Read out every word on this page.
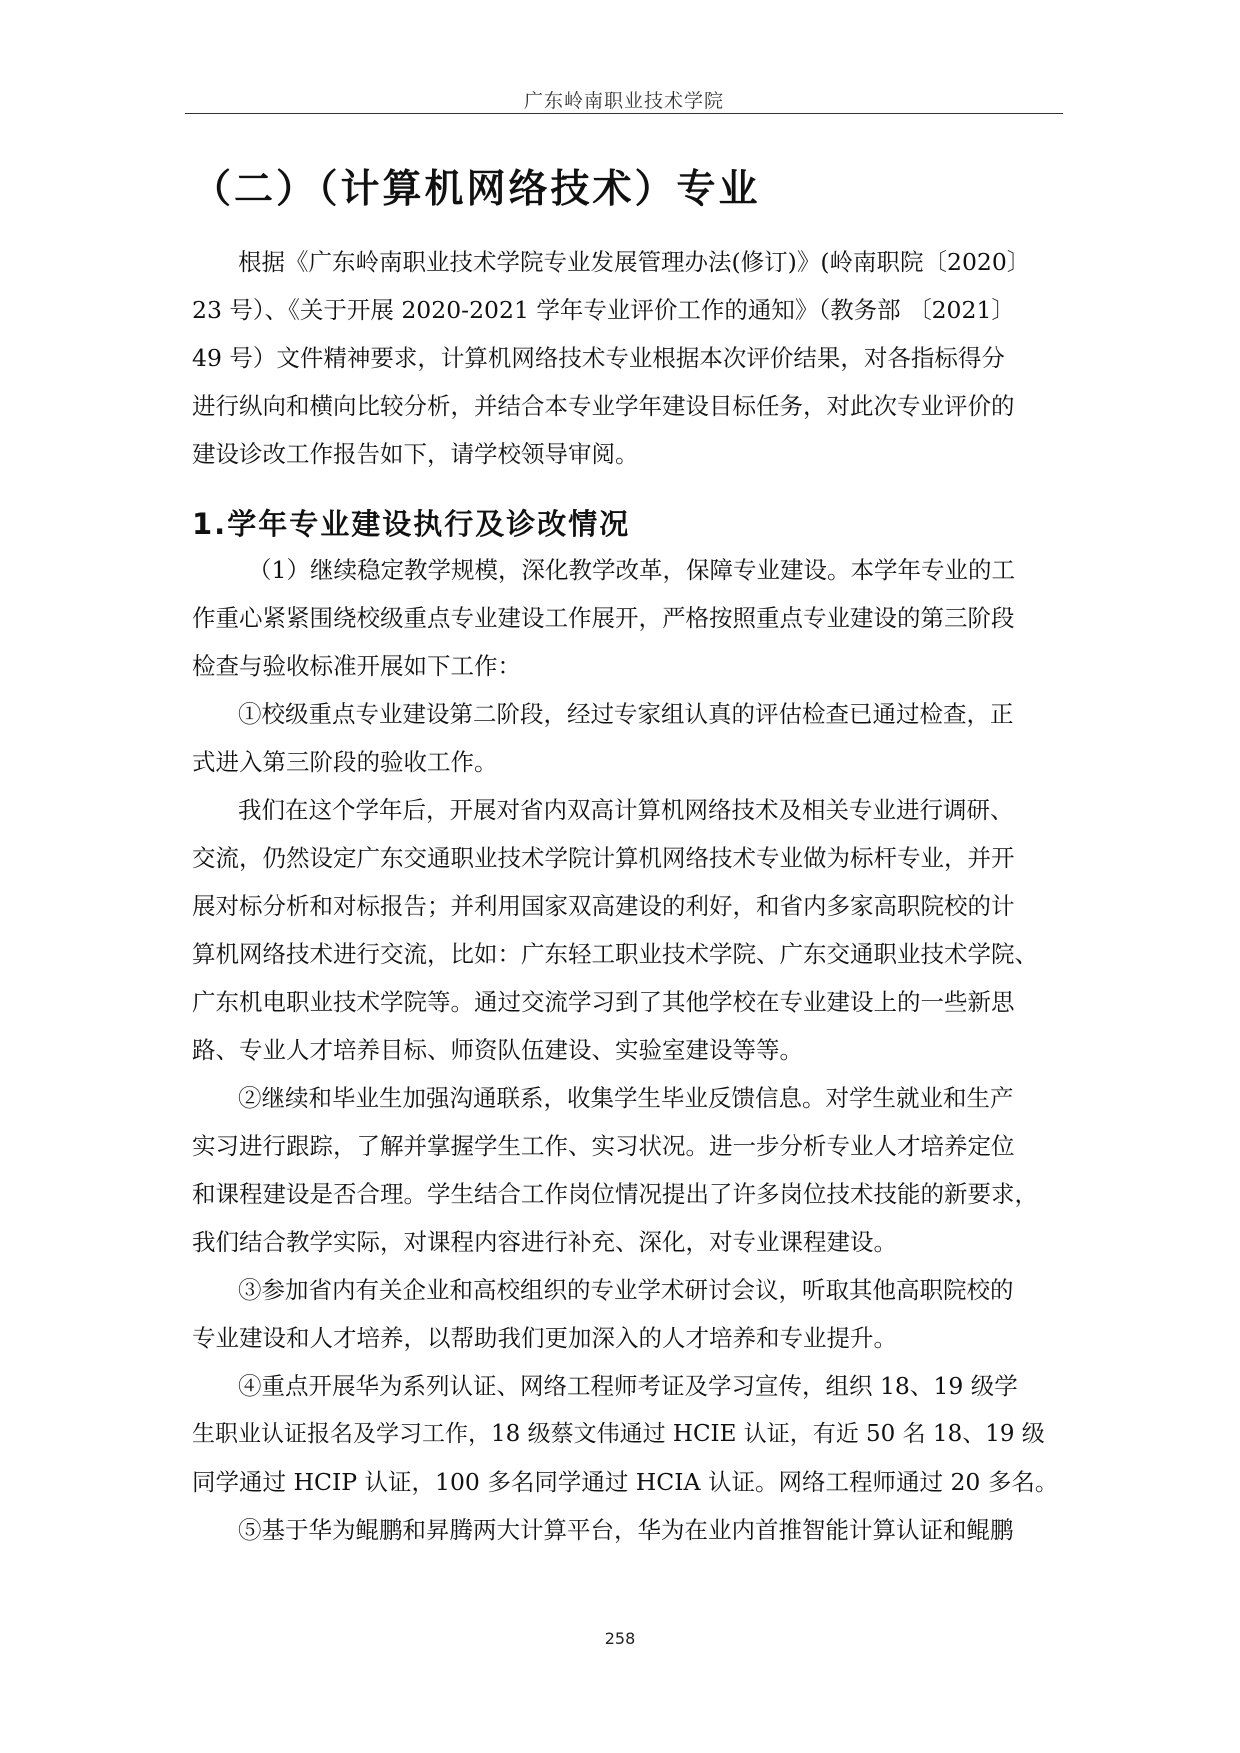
广东岭南职业技术学院
（二）（计算机网络技术）专业
根据《广东岭南职业技术学院专业发展管理办法(修订)》(岭南职院〔2020〕
23 号）、《关于开展 2020-2021 学年专业评价工作的通知》（教务部 〔2021〕
49 号）文件精神要求，计算机网络技术专业根据本次评价结果，对各指标得分
进行纵向和横向比较分析，并结合本专业学年建设目标任务，对此次专业评价的
建设诊改工作报告如下，请学校领导审阅。
1.学年专业建设执行及诊改情况
（1）继续稳定教学规模，深化教学改革，保障专业建设。本学年专业的工
作重心紧紧围绕校级重点专业建设工作展开，严格按照重点专业建设的第三阶段
检查与验收标准开展如下工作：
①校级重点专业建设第二阶段，经过专家组认真的评估检查已通过检查，正
式进入第三阶段的验收工作。
我们在这个学年后，开展对省内双高计算机网络技术及相关专业进行调研、
交流，仍然设定广东交通职业技术学院计算机网络技术专业做为标杆专业，并开
展对标分析和对标报告；并利用国家双高建设的利好，和省内多家高职院校的计
算机网络技术进行交流，比如：广东轻工职业技术学院、广东交通职业技术学院、
广东机电职业技术学院等。通过交流学习到了其他学校在专业建设上的一些新思
路、专业人才培养目标、师资队伍建设、实验室建设等等。
②继续和毕业生加强沟通联系，收集学生毕业反馈信息。对学生就业和生产
实习进行跟踪，了解并掌握学生工作、实习状况。进一步分析专业人才培养定位
和课程建设是否合理。学生结合工作岗位情况提出了许多岗位技术技能的新要求，
我们结合教学实际，对课程内容进行补充、深化，对专业课程建设。
③参加省内有关企业和高校组织的专业学术研讨会议，听取其他高职院校的
专业建设和人才培养，以帮助我们更加深入的人才培养和专业提升。
④重点开展华为系列认证、网络工程师考证及学习宣传，组织 18、19 级学
生职业认证报名及学习工作，18 级蔡文伟通过 HCIE 认证，有近 50 名 18、19 级
同学通过 HCIP 认证，100 多名同学通过 HCIA 认证。网络工程师通过 20 多名。
⑤基于华为鲲鹏和昇腾两大计算平台，华为在业内首推智能计算认证和鲲鹏
258
